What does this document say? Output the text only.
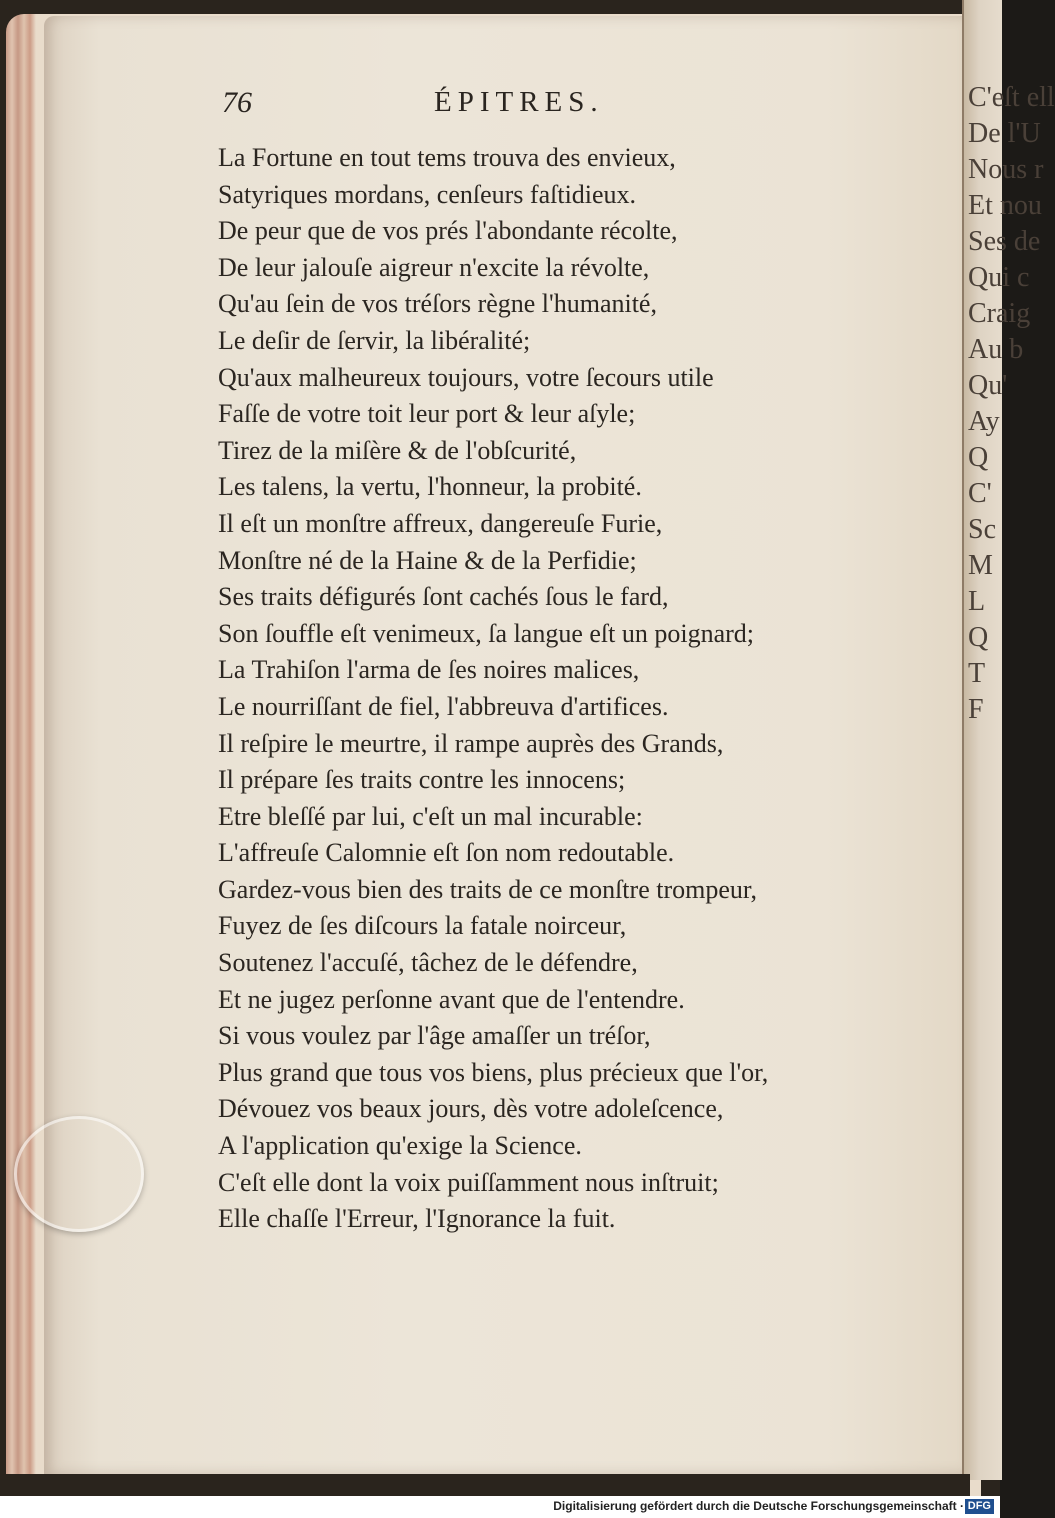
C'eſt ell
De l'U
Nous r
Et nou
Ses de
Qui c
Craig
Au b
Qu'
Ay
Q
C'
Sc
M
L
Q
T
F
76	ÉPITRES.
La Fortune en tout tems trouva des envieux,
Satyriques mordans, cenſeurs faſtidieux.
De peur que de vos prés l'abondante récolte,
De leur jalouſe aigreur n'excite la révolte,
Qu'au ſein de vos tréſors règne l'humanité,
Le deſir de ſervir, la libéralité;
Qu'aux malheureux toujours, votre ſecours utile
Faſſe de votre toit leur port & leur aſyle;
Tirez de la miſère & de l'obſcurité,
Les talens, la vertu, l'honneur, la probité.
Il eſt un monſtre affreux, dangereuſe Furie,
Monſtre né de la Haine & de la Perfidie;
Ses traits défigurés ſont cachés ſous le fard,
Son ſouffle eſt venimeux, ſa langue eſt un poignard;
La Trahiſon l'arma de ſes noires malices,
Le nourriſſant de fiel, l'abbreuva d'artifices.
Il reſpire le meurtre, il rampe auprès des Grands,
Il prépare ſes traits contre les innocens;
Etre bleſſé par lui, c'eſt un mal incurable:
L'affreuſe Calomnie eſt ſon nom redoutable.
Gardez-vous bien des traits de ce monſtre trompeur,
Fuyez de ſes diſcours la fatale noirceur,
Soutenez l'accuſé, tâchez de le défendre,
Et ne jugez perſonne avant que de l'entendre.
Si vous voulez par l'âge amaſſer un tréſor,
Plus grand que tous vos biens, plus précieux que l'or,
Dévouez vos beaux jours, dès votre adoleſcence,
A l'application qu'exige la Science.
C'eſt elle dont la voix puiſſamment nous inſtruit;
Elle chaſſe l'Erreur, l'Ignorance la fuit.
Digitalisierung gefördert durch die Deutsche Forschungsgemeinschaft · DFG
